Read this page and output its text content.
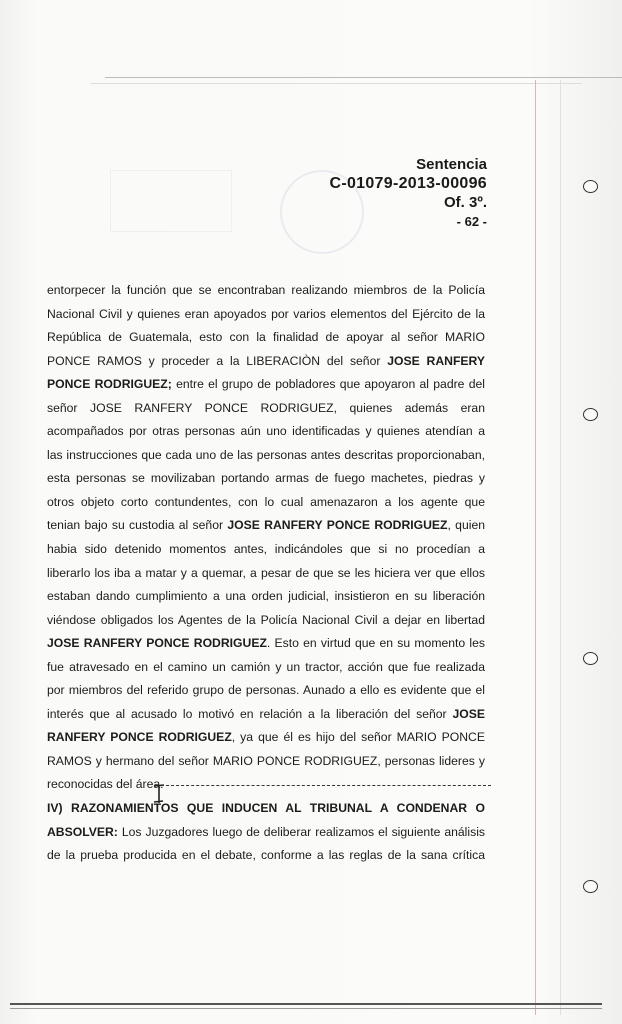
Sentencia
C-01079-2013-00096
Of. 3º.
- 62 -
entorpecer la función que se encontraban realizando miembros de la Policía
Nacional Civil y quienes eran apoyados por varios elementos del Ejército de la
República de Guatemala, esto con la finalidad de apoyar al señor MARIO
PONCE RAMOS y proceder a la LIBERACIÒN del señor JOSE RANFERY
PONCE RODRIGUEZ; entre el grupo de pobladores que apoyaron al padre del
señor JOSE RANFERY PONCE RODRIGUEZ, quienes además eran
acompañados por otras personas aún uno identificadas y quienes atendían a
las instrucciones que cada uno de las personas antes descritas proporcionaban,
esta personas se movilizaban portando armas de fuego machetes, piedras y
otros objeto corto contundentes, con lo cual amenazaron a los agente que
tenian bajo su custodia al señor JOSE RANFERY PONCE RODRIGUEZ, quien
habia sido detenido momentos antes, indicándoles que si no procedían a
liberarlo los iba a matar y a quemar, a pesar de que se les hiciera ver que ellos
estaban dando cumplimiento a una orden judicial, insistieron en su liberación
viéndose obligados los Agentes de la Policía Nacional Civil a dejar en libertad
JOSE RANFERY PONCE RODRIGUEZ. Esto en virtud que en su momento les
fue atravesado en el camino un camión y un tractor, acción que fue realizada
por miembros del referido grupo de personas. Aunado a ello es evidente que el
interés que al acusado lo motivó en relación a la liberación del señor JOSE
RANFERY PONCE RODRIGUEZ, ya que él es hijo del señor MARIO PONCE
RAMOS y hermano del señor MARIO PONCE RODRIGUEZ, personas lideres y
reconocidas del área.
IV) RAZONAMIENTOS QUE INDUCEN AL TRIBUNAL A CONDENAR O
ABSOLVER: Los Juzgadores luego de deliberar realizamos el siguiente análisis
de la prueba producida en el debate, conforme a las reglas de la sana crítica
